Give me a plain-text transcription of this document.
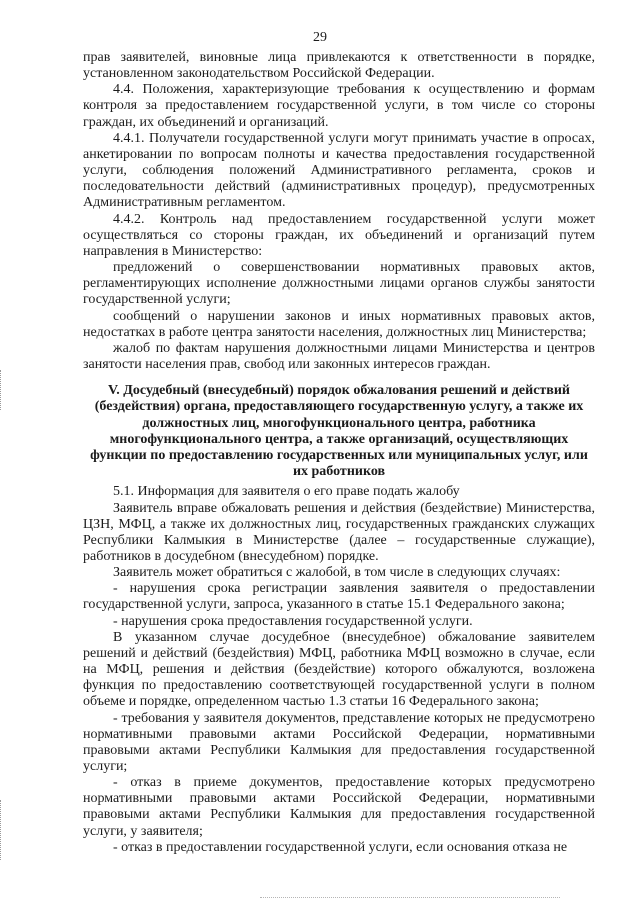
29

прав заявителей, виновные лица привлекаются к ответственности в порядке, установленном законодательством Российской Федерации.

4.4. Положения, характеризующие требования к осуществлению и формам контроля за предоставлением государственной услуги, в том числе со стороны граждан, их объединений и организаций.

4.4.1. Получатели государственной услуги могут принимать участие в опросах, анкетировании по вопросам полноты и качества предоставления государственной услуги, соблюдения положений Административного регламента, сроков и последовательности действий (административных процедур), предусмотренных Административным регламентом.

4.4.2. Контроль над предоставлением государственной услуги может осуществляться со стороны граждан, их объединений и организаций путем направления в Министерство:

предложений о совершенствовании нормативных правовых актов, регламентирующих исполнение должностными лицами органов службы занятости государственной услуги;

сообщений о нарушении законов и иных нормативных правовых актов, недостатках в работе центра занятости населения, должностных лиц Министерства;

жалоб по фактам нарушения должностными лицами Министерства и центров занятости населения прав, свобод или законных интересов граждан.

V. Досудебный (внесудебный) порядок обжалования решений и действий (бездействия) органа, предоставляющего государственную услугу, а также их должностных лиц, многофункционального центра, работника многофункционального центра, а также организаций, осуществляющих функции по предоставлению государственных или муниципальных услуг, или их работников

5.1. Информация для заявителя о его праве подать жалобу

Заявитель вправе обжаловать решения и действия (бездействие) Министерства, ЦЗН, МФЦ, а также их должностных лиц, государственных гражданских служащих Республики Калмыкия в Министерстве (далее – государственные служащие), работников в досудебном (внесудебном) порядке.

Заявитель может обратиться с жалобой, в том числе в следующих случаях:

- нарушения срока регистрации заявления заявителя о предоставлении государственной услуги, запроса, указанного в статье 15.1 Федерального закона;

- нарушения срока предоставления государственной услуги.

В указанном случае досудебное (внесудебное) обжалование заявителем решений и действий (бездействия) МФЦ, работника МФЦ возможно в случае, если на МФЦ, решения и действия (бездействие) которого обжалуются, возложена функция по предоставлению соответствующей государственной услуги в полном объеме и порядке, определенном частью 1.3 статьи 16 Федерального закона;

- требования у заявителя документов, представление которых не предусмотрено нормативными правовыми актами Российской Федерации, нормативными правовыми актами Республики Калмыкия для предоставления государственной услуги;

- отказ в приеме документов, предоставление которых предусмотрено нормативными правовыми актами Российской Федерации, нормативными правовыми актами Республики Калмыкия для предоставления государственной услуги, у заявителя;

- отказ в предоставлении государственной услуги, если основания отказа не
